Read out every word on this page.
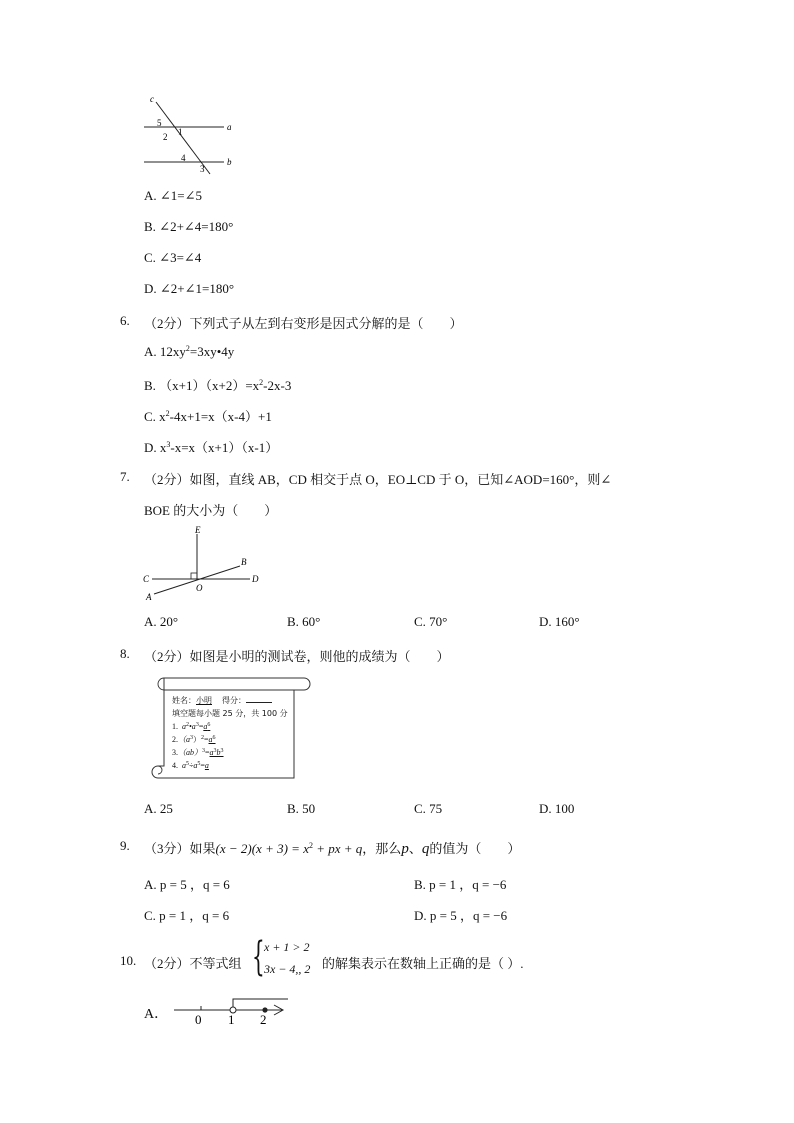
c
a
b
5
1
2
4
3
A. ∠1=∠5
B. ∠2+∠4=180°
C. ∠3=∠4
D. ∠2+∠1=180°
6. （2分）下列式子从左到右变形是因式分解的是（　　）
A. $12xy^2=3xy•4y$
B. $(x+1)(x+2)=x^2-2x-3$
C. $x^2-4x+1=x(x-4)+1$
D. $x^3-x=x(x+1)(x-1)$
7. （2分）如图，直线 AB，CD 相交于点 O，EO⊥CD 于 O，已知∠AOD=160°，则∠
BOE 的大小为（　　）
E
B
C	D
O
A
A. 20°	B. 60°	C. 70°	D. 160°
8. （2分）如图是小明的测试卷，则他的成绩为（　　）
姓名：小明 得分：
填空题每小题 25 分，共 100 分
1. $a^2•a^3=a^6$
$2.(a^3)^2=a^6$
$3.(ab)^3=a^3b^3$
4. $a^5\div a^5=a$
A. 25	B. 50	C. 75	D. 100
9. （3分）如果$(x - 2)(x + 3) = x^2$ + px + q，那么p、q的值为（　　）
A. p = 5 ，q = 6	B. p = 1 ，q = −6
C. p = 1 ，q = 6	D. p = 5 ，q = −6
10. （2分）不等式组 { x + 1 > 2
3x − 4,, 2 的解集表示在数轴上正确的是（ ）.
A． 0 1 2
